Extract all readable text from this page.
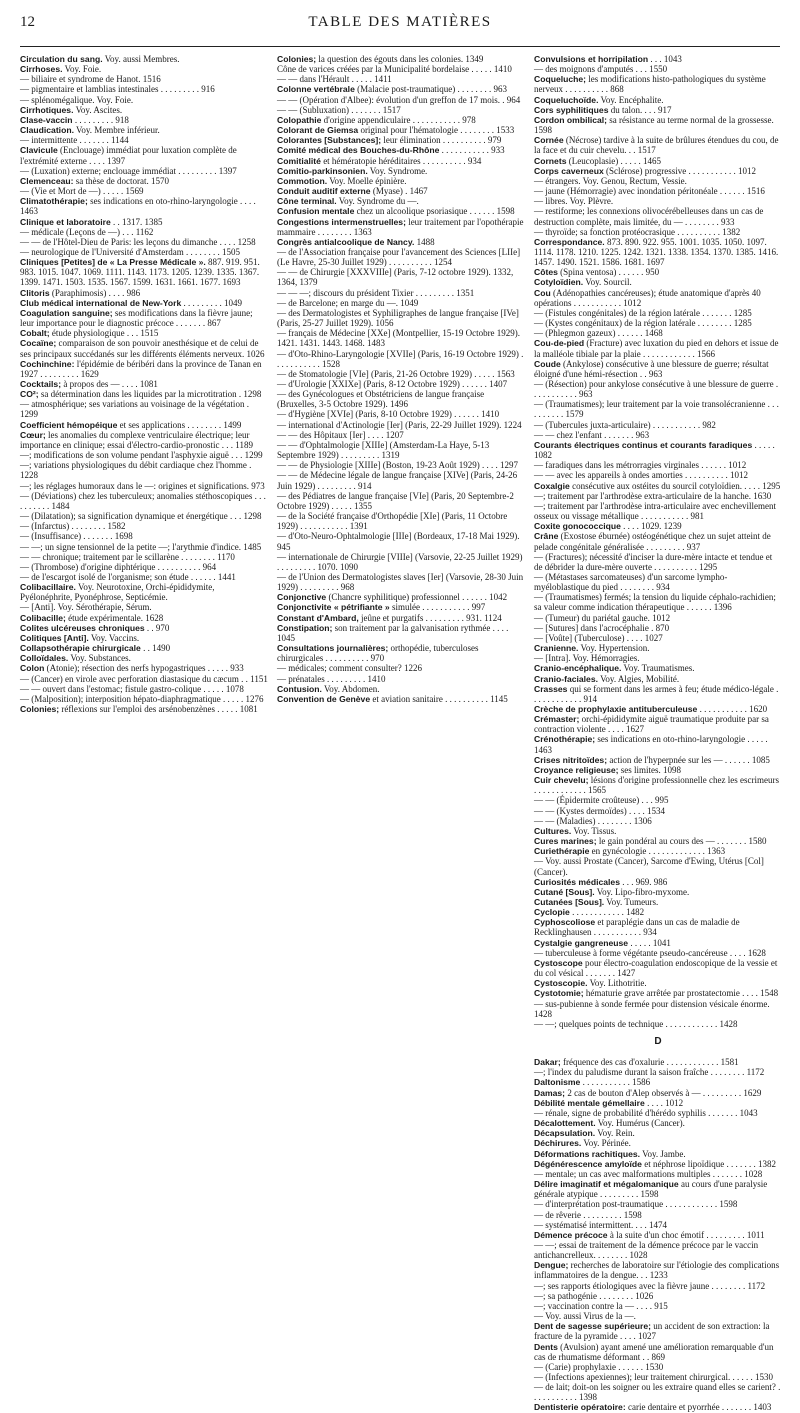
12	TABLE DES MATIÈRES

Circulation du sang. Voy. aussi Membres.

Cirrhoses. Voy. Foie.

— biliaire et syndrome de Hanot. 1516

— pigmentaire et lamblias intestinales . . . . . . . . . 916

— splénomégalique. Voy. Foie.

Cirrhotiques. Voy. Ascites.

Clase-vaccin . . . . . . . . . 918

Claudication. Voy. Membre inférieur.

— intermittente . . . . . . . 1144

Clavicule (Enclouage) immédiat pour luxation complète de l'extrémité externe . . . . 1397

— (Luxation) externe; enclouage immédiat . . . . . . . . . 1397

Clemenceau: sa thèse de doctorat. 1570

— (Vie et Mort de —) . . . . . 1569

Climatothérapie; ses indications en oto-rhino-laryngologie . . . . 1463

Clinique et laboratoire . . 1317. 1385

— médicale (Leçons de —) . . . 1162

— — de l'Hôtel-Dieu de Paris: les leçons du dimanche . . . . 1258

— neurologique de l'Université d'Amsterdam . . . . . . . . 1505

Cliniques [Petites] de « La Presse Médicale ». 887. 919. 951. 983. 1015. 1047. 1069. 1111. 1143. 1173. 1205. 1239. 1335. 1367. 1399. 1471. 1503. 1535. 1567. 1599. 1631. 1661. 1677. 1693

Clitoris (Paraphimosis) . . . . 986

Club médical international de New-York . . . . . . . . . 1049

Coagulation sanguine; ses modifications dans la fièvre jaune; leur importance pour le diagnostic précoce . . . . . . . 867

Cobalt; étude physiologique . . . 1515

Cocaïne; comparaison de son pouvoir anesthésique et de celui de ses principaux succédanés sur les différents éléments nerveux. 1026

Cochinchine: l'épidémie de béribéri dans la province de Tanan en 1927 . . . . . . . . . 1629

Cocktails; à propos des — . . . . 1081

CO²; sa détermination dans les liquides par la microtitration . 1298

— atmosphérique; ses variations au voisinage de la végétation . 1299

Coefficient hémopéique et ses applications . . . . . . . . 1499

Cœur; les anomalies du complexe ventriculaire électrique; leur importance en clinique; essai d'électro-cardio-pronostic . . . 1189

—; modifications de son volume pendant l'asphyxie aiguë . . . 1299

—; variations physiologiques du débit cardiaque chez l'homme . 1228

—; les réglages humoraux dans le —: origines et significations. 973

— (Déviations) chez les tuberculeux; anomalies stéthoscopiques . . . . . . . . . . 1484

— (Dilatation); sa signification dynamique et énergétique . . . 1298

— (Infarctus) . . . . . . . . 1582

— (Insuffisance) . . . . . . . 1698

— —; un signe tensionnel de la petite —; l'arythmie d'indice. 1485

— — chronique; traitement par le scillarène . . . . . . . . 1170

— (Thrombose) d'origine diphtérique . . . . . . . . . . 964

— de l'escargot isolé de l'organisme; son étude . . . . . . 1441

Colibacillaire. Voy. Neurotoxine, Orchi-épididymite, Pyélonéphrite, Pyonéphrose, Septicémie.

— [Anti]. Voy. Sérothérapie, Sérum.

Colibacille; étude expérimentale. 1628

Colites ulcéreuses chroniques . . 970

Colitiques [Anti]. Voy. Vaccins.

Collapsothérapie chirurgicale . . 1490

Colloïdales. Voy. Substances.

Colon (Atonie); résection des nerfs hypogastriques . . . . . 933

— (Cancer) en virole avec perforation diastasique du cæcum . . 1151

— — ouvert dans l'estomac; fistule gastro-colique . . . . . 1078

— (Malposition); interposition hépato-diaphragmatique . . . . . 1276

Colonies; réflexions sur l'emploi des arsénobenzènes . . . . . 1081

Colonies; la question des égouts dans les colonies. 1349

Cône de varices créées par la Municipalité bordelaise . . . . . 1410

— — dans l'Hérault . . . . . 1411

Colonne vertébrale (Malacie post-traumatique) . . . . . . . . 963

— — (Opération d'Albee): évolution d'un greffon de 17 mois. . 964

— — (Subluxation) . . . . . . . 1517

Colopathie d'origine appendiculaire . . . . . . . . . . . 978

Colorant de Giemsa original pour l'hématologie . . . . . . . . 1533

Colorantes [Substances]; leur élimination . . . . . . . . . . 979

Comité médical des Bouches-du-Rhône . . . . . . . . . . . 933

Comitialité et hémératopie héréditaires . . . . . . . . . . 934

Comitio-parkinsonien. Voy. Syndrome.

Commotion. Voy. Moelle épinière.

Conduit auditif externe (Myase) . 1467

Cône terminal. Voy. Syndrome du —.

Confusion mentale chez un alcoolique psoriasique . . . . . . 1598

Congestions intermenstruelles; leur traitement par l'opothérapie mammaire . . . . . . . . 1363

Congrès antialcoolique de Nancy. 1488

— de l'Association française pour l'avancement des Sciences [LIIe] (Le Havre, 25-30 Juillet 1929) . . . . . . . . . . 1254

— — de Chirurgie [XXXVIIIe] (Paris, 7-12 octobre 1929). 1332, 1364, 1379

— — —; discours du président Tixier . . . . . . . . . 1351

— de Barcelone; en marge du —. 1049

— des Dermatologistes et Syphiligraphes de langue française [IVe] (Paris, 25-27 Juillet 1929). 1056

— français de Médecine [XXe] (Montpellier, 15-19 Octobre 1929). 1421. 1431. 1443. 1468. 1483

— d'Oto-Rhino-Laryngologie [XVIIe] (Paris, 16-19 Octobre 1929) . . . . . . . . . . . 1528

— de Stomatologie [VIe] (Paris, 21-26 Octobre 1929) . . . . . 1563

— d'Urologie [XXIXe] (Paris, 8-12 Octobre 1929) . . . . . . 1407

— des Gynécologues et Obstétriciens de langue française (Bruxelles, 3-5 Octobre 1929). 1496

— d'Hygiène [XVIe] (Paris, 8-10 Octobre 1929) . . . . . . 1410

— international d'Actinologie [Ier] (Paris, 22-29 Juillet 1929). 1224

— — des Hôpitaux [Ier] . . . . 1207

— — d'Ophtalmologie [XIIIe] (Amsterdam-La Haye, 5-13 Septembre 1929) . . . . . . . . . 1319

— — de Physiologie [XIIIe] (Boston, 19-23 Août 1929) . . . . 1297

— — de Médecine légale de langue française [XIVe] (Paris, 24-26 Juin 1929) . . . . . . . . . 914

— des Pédiatres de langue française [VIe] (Paris, 20 Septembre-2 Octobre 1929) . . . . . 1355

— de la Société française d'Orthopédie [XIe] (Paris, 11 Octobre 1929) . . . . . . . . . . . 1391

— d'Oto-Neuro-Ophtalmologie [IIIe] (Bordeaux, 17-18 Mai 1929). 945

— internationale de Chirurgie [VIIIe] (Varsovie, 22-25 Juillet 1929) . . . . . . . . . 1070. 1090

— de l'Union des Dermatologistes slaves [Ier] (Varsovie, 28-30 Juin 1929) . . . . . . . . . 968

Conjonctive (Chancre syphilitique) professionnel . . . . . . 1042

Conjonctivite « pétrifiante » simulée . . . . . . . . . . . 997

Constant d'Ambard, jeûne et purgatifs . . . . . . . . . 931. 1124

Constipation; son traitement par la galvanisation rythmée . . . . 1045

Consultations journalières; orthopédie, tuberculoses chirurgicales . . . . . . . . . . 970

— médicales; comment consulter? 1226

— prénatales . . . . . . . . . 1410

Contusion. Voy. Abdomen.

Convention de Genève et aviation sanitaire . . . . . . . . . . 1145

Convulsions et horripilation . . . 1043

— des moignons d'amputés . . . 1550

Coqueluche; les modifications histo-pathologiques du système nerveux . . . . . . . . . . 868

Coqueluchoïde. Voy. Encéphalite.

Cors syphilitiques du talon. . . . 917

Cordon ombilical; sa résistance au terme normal de la grossesse. 1598

Cornée (Nécrose) tardive à la suite de brûlures étendues du cou, de la face et du cuir chevelu. . . 1517

Cornets (Leucoplasie) . . . . . 1465

Corps caverneux (Sclérose) progressive . . . . . . . . . . . 1012

— étrangers. Voy. Genou, Rectum, Vessie.

— jaune (Hémorragie) avec inondation péritonéale . . . . . . 1516

— libres. Voy. Plèvre.

— restiforme; les connexions olivocérébelleuses dans un cas de destruction complète, mais limitée, du — . . . . . . . . 933

— thyroïde; sa fonction protéocrasique . . . . . . . . . . 1382

Correspondance. 873. 890. 922. 955. 1001. 1035. 1050. 1097. 1114. 1178. 1210. 1225. 1242. 1321. 1338. 1354. 1370. 1385. 1416. 1457. 1490. 1521. 1586. 1681. 1697

Côtes (Spina ventosa) . . . . . . 950

Cotyloïdien. Voy. Sourcil.

Cou (Adénopathies cancéreuses); étude anatomique d'après 40 opérations . . . . . . . . . . . 1012

— (Fistules congénitales) de la région latérale . . . . . . . 1285

— (Kystes congénitaux) de la région latérale . . . . . . . . 1285

— (Phlegmon gazeux) . . . . . . 1468

Cou-de-pied (Fracture) avec luxation du pied en dehors et issue de la malléole tibiale par la plaie . . . . . . . . . . . . 1566

Coude (Ankylose) consécutive à une blessure de guerre; résultat éloigné d'une hémi-résection . . 963

— (Résection) pour ankylose consécutive à une blessure de guerre . . . . . . . . . . . 963

— (Traumatismes); leur traitement par la voie transolécranienne . . . . . . . . . . 1579

— (Tubercules juxta-articulaire) . . . . . . . . . . . 982

— — chez l'enfant . . . . . . . 963

Courants électriques continus et courants faradiques . . . . . 1082

— faradiques dans les métrorragies virginales . . . . . . 1012

— — avec les appareils à ondes amorties . . . . . . . . . . 1012

Coxalgie consécutive aux ostéites du sourcil cotyloïdien. . . . . 1295

—; traitement par l'arthrodèse extra-articulaire de la hanche. 1630

—; traitement par l'arthrodèse intra-articulaire avec enchevillement osseux ou vissage métallique . . . . . . . . . . . 981

Coxite gonococcique . . . . 1029. 1239

Crâne (Exostose éburnée) ostéogénétique chez un sujet atteint de pelade congénitale généralisée . . . . . . . . . 937

— (Fractures); nécessité d'inciser la dure-mère intacte et tendue et de débrider la dure-mère ouverte . . . . . . . . . . 1295

— (Métastases sarcomateuses) d'un sarcome lympho-myéloblastique du pied . . . . . . . . 934

— (Traumatismes) fermés; la tension du liquide céphalo-rachidien; sa valeur comme indication thérapeutique . . . . . . 1396

— (Tumeur) du pariétal gauche. 1012

— [Sutures] dans l'acrocéphalie . 870

— [Voûte] (Tuberculose) . . . . 1027

Cranienne. Voy. Hypertension.

— [Intra]. Voy. Hémorragies.

Cranio-encéphalique. Voy. Traumatismes.

Cranio-faciales. Voy. Algies, Mobilité.

Crasses qui se forment dans les armes à feu; étude médico-légale . . . . . . . . . . . . 914

Crèche de prophylaxie antituberculeuse . . . . . . . . . . . 1620

Crémaster; orchi-épididymite aiguë traumatique produite par sa contraction violente . . . . 1627

Crénothérapie; ses indications en oto-rhino-laryngologie . . . . . 1463

Crises nitritoïdes; action de l'hyperpnée sur les — . . . . . . 1085

Croyance religieuse; ses limites. 1098

Cuir chevelu; lésions d'origine professionnelle chez les escrimeurs . . . . . . . . . . . . 1565

— — (Épidermite croûteuse) . . . 995

— — (Kystes dermoïdes) . . . . 1534

— — (Maladies) . . . . . . . . 1306

Cultures. Voy. Tissus.

Cures marines; le gain pondéral au cours des — . . . . . . . 1580

Curiethérapie en gynécologie . . . . . . . . . . . . . 1363

— Voy. aussi Prostate (Cancer), Sarcome d'Ewing, Utérus [Col] (Cancer).

Curiosités médicales . . . 969. 986

Cutané [Sous]. Voy. Lipo-fibro-myxome.

Cutanées [Sous]. Voy. Tumeurs.

Cyclopie . . . . . . . . . . . . 1482

Cyphoscoliose et paraplégie dans un cas de maladie de Recklinghausen . . . . . . . . . . . 934

Cystalgie gangreneuse . . . . . 1041

— tuberculeuse à forme végétante pseudo-cancéreuse . . . . 1628

Cystoscope pour électro-coagulation endoscopique de la vessie et du col vésical . . . . . . . 1427

Cystoscopie. Voy. Lithotritie.

Cystotomie; hématurie grave arrêtée par prostatectomie . . . . 1548

— sus-pubienne à sonde fermée pour distension vésicale énorme. 1428

— —; quelques points de technique . . . . . . . . . . . . 1428

D

Dakar; fréquence des cas d'oxalurie . . . . . . . . . . . . 1581

—; l'index du paludisme durant la saison fraîche . . . . . . . . 1172

Daltonisme . . . . . . . . . . . 1586

Damas; 2 cas de bouton d'Alep observés à — . . . . . . . . . 1629

Débilité mentale gémellaire . . . . 1012

— rénale, signe de probabilité d'hérédo syphilis . . . . . . . 1043

Décalottement. Voy. Humérus (Cancer).

Décapsulation. Voy. Rein.

Déchirures. Voy. Périnée.

Déformations rachitiques. Voy. Jambe.

Dégénérescence amyloïde et néphrose lipoïdique . . . . . . . 1382

— mentale; un cas avec malformations multiples . . . . . . . 1028

Délire imaginatif et mégalomanique au cours d'une paralysie générale atypique . . . . . . . . . 1598

— d'interprétation post-traumatique . . . . . . . . . . . . 1598

— de rêverie . . . . . . . . . 1598

— systématisé intermittent. . . . 1474

Démence précoce à la suite d'un choc émotif . . . . . . . . . 1011

— —; essai de traitement de la démence précoce par le vaccin antichancrelleux. . . . . . . . 1028

Dengue; recherches de laboratoire sur l'étiologie des complications inflammatoires de la dengue. . . 1233

—; ses rapports étiologiques avec la fièvre jaune . . . . . . . . 1172

—; sa pathogénie . . . . . . . . 1026

—; vaccination contre la — . . . . 915

— Voy. aussi Virus de la —.

Dent de sagesse supérieure; un accident de son extraction: la fracture de la pyramide . . . . 1027

Dents (Avulsion) ayant amené une amélioration remarquable d'un cas de rhumatisme déformant . . 869

— (Carie) prophylaxie . . . . . . 1530

— (Infections apexiennes); leur traitement chirurgical. . . . . . 1530

— de lait; doit-on les soigner ou les extraire quand elles se carient? . . . . . . . . . . . 1398

Dentisterie opératoire: carie dentaire et pyorrhée . . . . . . . 1403
